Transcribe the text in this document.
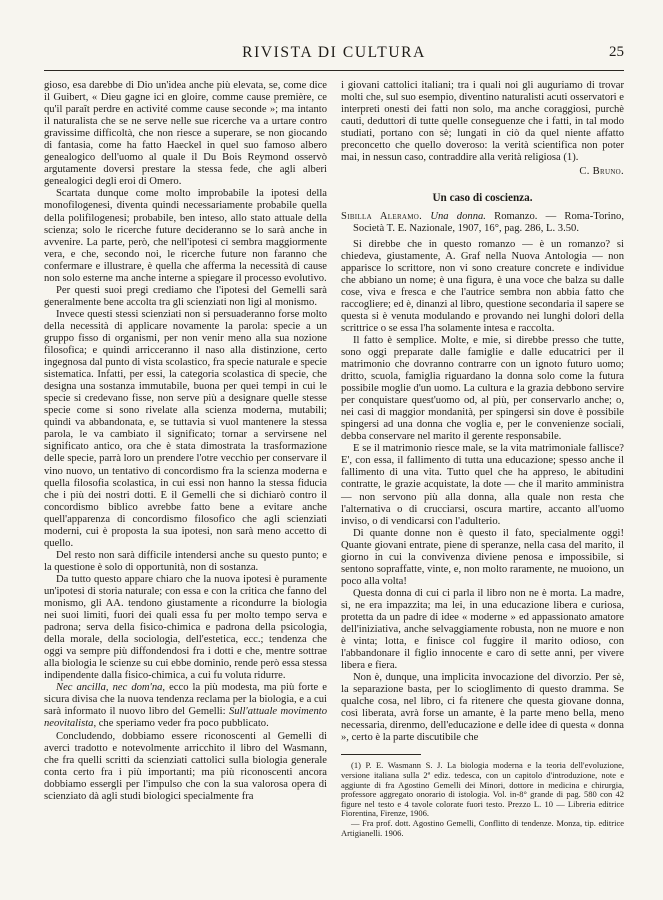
RIVISTA DI CULTURA	25

gioso, esa darebbe di Dio un'idea anche più elevata, se, come dice il Guibert, « Dieu gagne ici en gloire, comme cause première, ce qu'il paraît perdre en activité comme cause seconde »; ma intanto il naturalista che se ne serve nelle sue ricerche va a urtare contro gravissime difficoltà, che non riesce a superare, se non giocando di fantasia, come ha fatto Haeckel in quel suo famoso albero genealogico dell'uomo al quale il Du Bois Reymond osservò argutamente doversi prestare la stessa fede, che agli alberi genealogici degli eroi di Omero.

Scartata dunque come molto improbabile la ipotesi della monofilogenesi, diventa quindi necessariamente probabile quella della polifilogenesi; probabile, ben inteso, allo stato attuale della scienza; solo le ricerche future decideranno se lo sarà anche in avvenire. La parte, però, che nell'ipotesi ci sembra maggiormente vera, e che, secondo noi, le ricerche future non faranno che confermare e illustrare, è quella che afferma la necessità di cause non solo esterne ma anche interne a spiegare il processo evolutivo.

Per questi suoi pregi crediamo che l'ipotesi del Gemelli sarà generalmente bene accolta tra gli scienziati non ligi al monismo.

Invece questi stessi scienziati non si persuaderanno forse molto della necessità di applicare novamente la parola: specie a un gruppo fisso di organismi, per non venir meno alla sua nozione filosofica; e quindi arricceranno il naso alla distinzione, certo ingegnosa dal punto di vista scolastico, fra specie naturale e specie sistematica. Infatti, per essi, la categoria scolastica di specie, che designa una sostanza immutabile, buona per quei tempi in cui le specie si credevano fisse, non serve più a designare quelle stesse specie come si sono rivelate alla scienza moderna, mutabili; quindi va abbandonata, e, se tuttavia si vuol mantenere la stessa parola, le va cambiato il significato; tornar a servirsene nel significato antico, ora che è stata dimostrata la trasformazione delle specie, parrà loro un prendere l'otre vecchio per conservare il vino nuovo, un tentativo di concordismo fra la scienza moderna e quella filosofia scolastica, in cui essi non hanno la stessa fiducia che i più dei nostri dotti. E il Gemelli che si dichiarò contro il concordismo biblico avrebbe fatto bene a evitare anche quell'apparenza di concordismo filosofico che agli scienziati moderni, cui è proposta la sua ipotesi, non sarà meno accetto di quello.

Del resto non sarà difficile intendersi anche su questo punto; e la questione è solo di opportunità, non di sostanza.

Da tutto questo appare chiaro che la nuova ipotesi è puramente un'ipotesi di storia naturale; con essa e con la critica che fanno del monismo, gli AA. tendono giustamente a ricondurre la biologia nei suoi limiti, fuori dei quali essa fu per molto tempo serva e padrona; serva della fisico-chimica e padrona della psicologia, della morale, della sociologia, dell'estetica, ecc.; tendenza che oggi va sempre più diffondendosi fra i dotti e che, mentre sottrae alla biologia le scienze su cui ebbe dominio, rende però essa stessa indipendente dalla fisico-chimica, a cui fu voluta ridurre.

Nec ancilla, nec dom'na, ecco la più modesta, ma più forte e sicura divisa che la nuova tendenza reclama per la biologia, e a cui sarà informato il nuovo libro del Gemelli: Sull'attuale movimento neovitalista, che speriamo veder fra poco pubblicato.

Concludendo, dobbiamo essere riconoscenti al Gemelli di averci tradotto e notevolmente arricchito il libro del Wasmann, che fra quelli scritti da scienziati cattolici sulla biologia generale conta certo fra i più importanti; ma più riconoscenti ancora dobbiamo essergli per l'impulso che con la sua valorosa opera di scienziato dà agli studi biologici specialmente fra

i giovani cattolici italiani; tra i quali noi gli auguriamo di trovar molti che, sul suo esempio, diventino naturalisti acuti osservatori e interpreti onesti dei fatti non solo, ma anche coraggiosi, purchè cauti, deduttori di tutte quelle conseguenze che i fatti, in tal modo studiati, portano con sè; lungati in ciò da quel niente affatto preconcetto che quello doveroso: la verità scientifica non poter mai, in nessun caso, contraddire alla verità religiosa (1).

C. Bruno.

Un caso di coscienza.

Sibilla Aleramo. Una donna. Romanzo. — Roma-Torino, Società T. E. Nazionale, 1907, 16°, pag. 286, L. 3.50.

Si direbbe che in questo romanzo — è un romanzo? si chiedeva, giustamente, A. Graf nella Nuova Antologia — non apparisce lo scrittore, non vi sono creature concrete e individue che abbiano un nome; è una figura, è una voce che balza su dalle cose, viva e fresca e che l'autrice sembra non abbia fatto che raccogliere; ed è, dinanzi al libro, questione secondaria il sapere se questa si è venuta modulando e provando nei lunghi dolori della scrittrice o se essa l'ha solamente intesa e raccolta.

Il fatto è semplice. Molte, e mie, si direbbe presso che tutte, sono oggi preparate dalle famiglie e dalle educatrici per il matrimonio che dovranno contrarre con un ignoto futuro uomo; dritto, scuola, famiglia riguardano la donna solo come la futura possibile moglie d'un uomo. La cultura e la grazia debbono servire per conquistare quest'uomo od, al più, per conservarlo anche; o, nei casi di maggior mondanità, per spingersi sin dove è possibile spingersi ad una donna che voglia e, per le convenienze sociali, debba conservare nel marito il gerente responsabile.

E se il matrimonio riesce male, se la vita matrimoniale fallisce? E', con essa, il fallimento di tutta una educazione; spesso anche il fallimento di una vita. Tutto quel che ha appreso, le abitudini contratte, le grazie acquistate, la dote — che il marito amministra — non servono più alla donna, alla quale non resta che l'alternativa o di crucciarsi, oscura martire, accanto all'uomo inviso, o di vendicarsi con l'adulterio.

Di quante donne non è questo il fato, specialmente oggi! Quante giovani entrate, piene di speranze, nella casa del marito, il giorno in cui la convivenza diviene penosa e impossibile, si sentono sopraffatte, vinte, e, non molto raramente, ne muoiono, un poco alla volta!

Questa donna di cui ci parla il libro non ne è morta. La madre, sì, ne era impazzita; ma lei, in una educazione libera e curiosa, protetta da un padre di idee « moderne » ed appassionato amatore dell'iniziativa, anche selvaggiamente robusta, non ne muore e non è vinta; lotta, e finisce col fuggire il marito odioso, con l'abbandonare il figlio innocente e caro di sette anni, per vivere libera e fiera.

Non è, dunque, una implicita invocazione del divorzio. Per sè, la separazione basta, per lo scioglimento di questo dramma. Se qualche cosa, nel libro, ci fa ritenere che questa giovane donna, così liberata, avrà forse un amante, è la parte meno bella, meno necessaria, direnmo, dell'educazione e delle idee di questa « donna », certo è la parte discutibile che

(1) P. E. Wasmann S. J. La biologia moderna e la teoria dell'evoluzione, versione italiana sulla 2ª ediz. tedesca, con un capitolo d'introduzione, note e aggiunte di fra Agostino Gemelli dei Minori, dottore in medicina e chirurgia, professore aggregato onorario di istologia. Vol. in-8° grande di pag. 580 con 42 figure nel testo e 4 tavole colorate fuori testo. Prezzo L. 10 — Libreria editrice Fiorentina, Firenze, 1906.

— Fra prof. dott. Agostino Gemelli, Conflitto di tendenze. Monza, tip. editrice Artigianelli. 1906.
